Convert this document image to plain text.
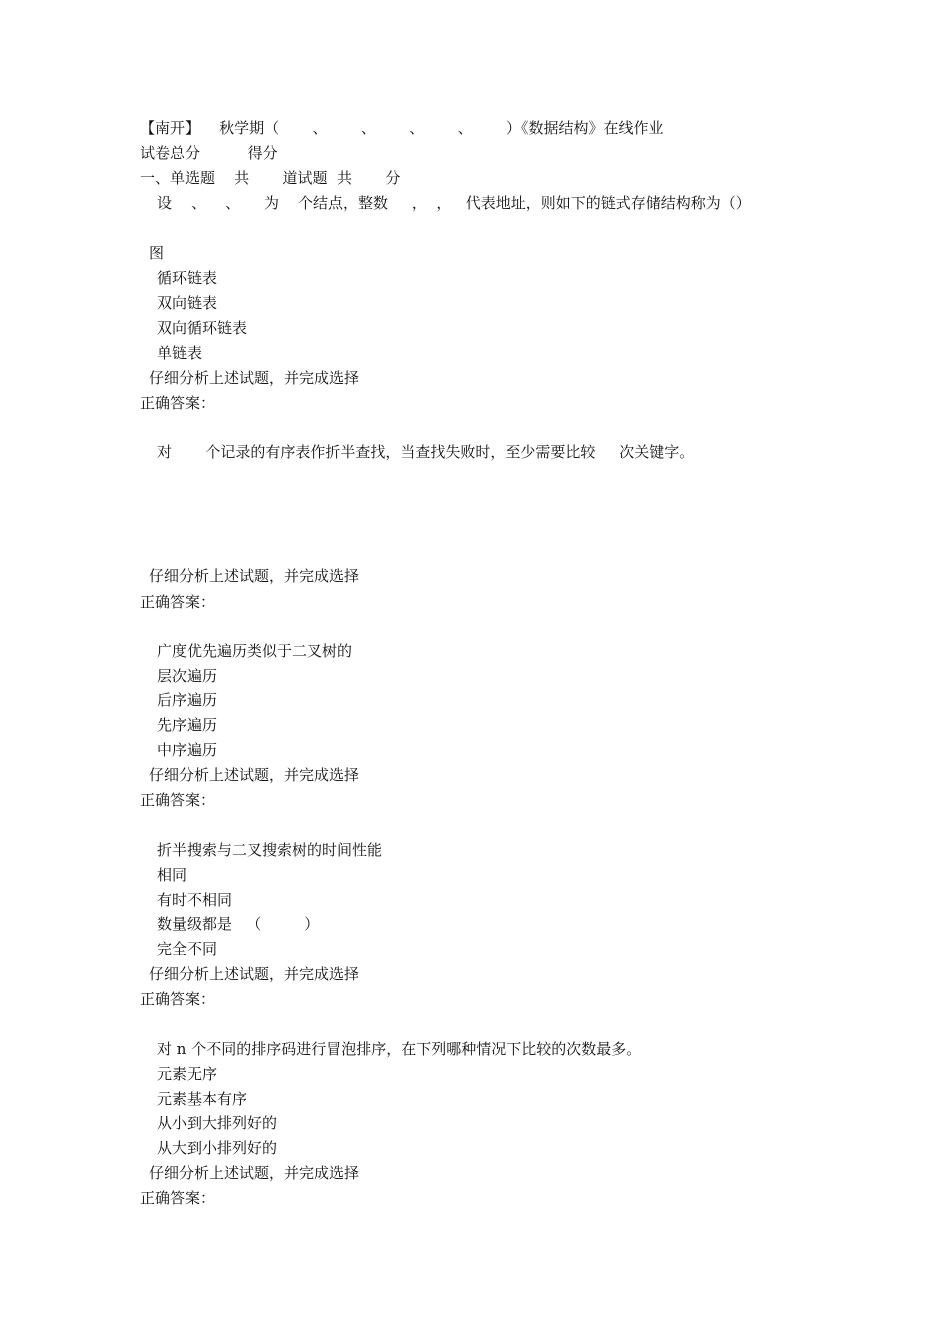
【南开】    秋学期（       、       、       、       、       ）《数据结构》在线作业
试卷总分          得分
一、单选题    共       道试题  共       分
设    、    、     为    个结点，整数     ，  ，   代表地址，则如下的链式存储结构称为（）
图
循环链表
双向链表
双向循环链表
单链表
仔细分析上述试题，并完成选择
正确答案：
对       个记录的有序表作折半查找，当查找失败时，至少需要比较     次关键字。
仔细分析上述试题，并完成选择
正确答案：
广度优先遍历类似于二叉树的
层次遍历
后序遍历
先序遍历
中序遍历
仔细分析上述试题，并完成选择
正确答案：
折半搜索与二叉搜索树的时间性能
相同
有时不相同
数量级都是   （         ）
完全不同
仔细分析上述试题，并完成选择
正确答案：
对 n 个不同的排序码进行冒泡排序，在下列哪种情况下比较的次数最多。
元素无序
元素基本有序
从小到大排列好的
从大到小排列好的
仔细分析上述试题，并完成选择
正确答案：
